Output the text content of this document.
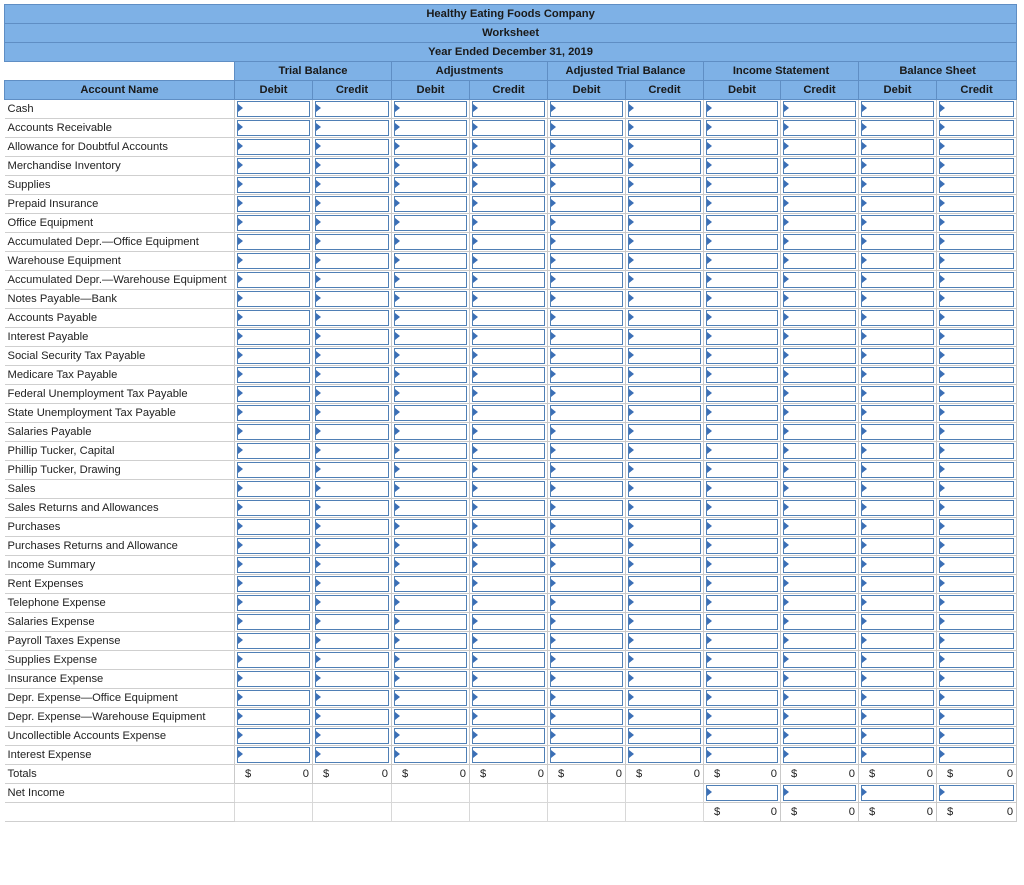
Healthy Eating Foods Company										
Worksheet										
Year Ended December 31, 2019										
	Trial Balance		Adjustments		Adjusted Trial Balance		Income Statement		Balance Sheet	
Account Name	Debit	Credit	Debit	Credit	Debit	Credit	Debit	Credit	Debit	Credit
Cash	

Accounts Receivable	

Allowance for Doubtful Accounts	

Merchandise Inventory	

Supplies	

Prepaid Insurance	

Office Equipment	

Accumulated Depr.—Office Equipment	

Warehouse Equipment	

Accumulated Depr.—Warehouse Equipment	

Notes Payable—Bank	

Accounts Payable	

Interest Payable	

Social Security Tax Payable	

Medicare Tax Payable	

Federal Unemployment Tax Payable	

State Unemployment Tax Payable	

Salaries Payable	

Phillip Tucker, Capital	

Phillip Tucker, Drawing	

Sales	

Sales Returns and Allowances	

Purchases	

Purchases Returns and Allowance	

Income Summary	

Rent Expenses	

Telephone Expense	

Salaries Expense	

Payroll Taxes Expense	

Supplies Expense	

Insurance Expense	

Depr. Expense—Office Equipment	

Depr. Expense—Warehouse Equipment	

Uncollectible Accounts Expense	

Interest Expense	

Totals	$ 0	$ 0	$ 0	$ 0	$ 0	$ 0	$ 0	$ 0	$ 0	$ 0

Net Income							

							$ 0	$ 0	$ 0	$ 0
